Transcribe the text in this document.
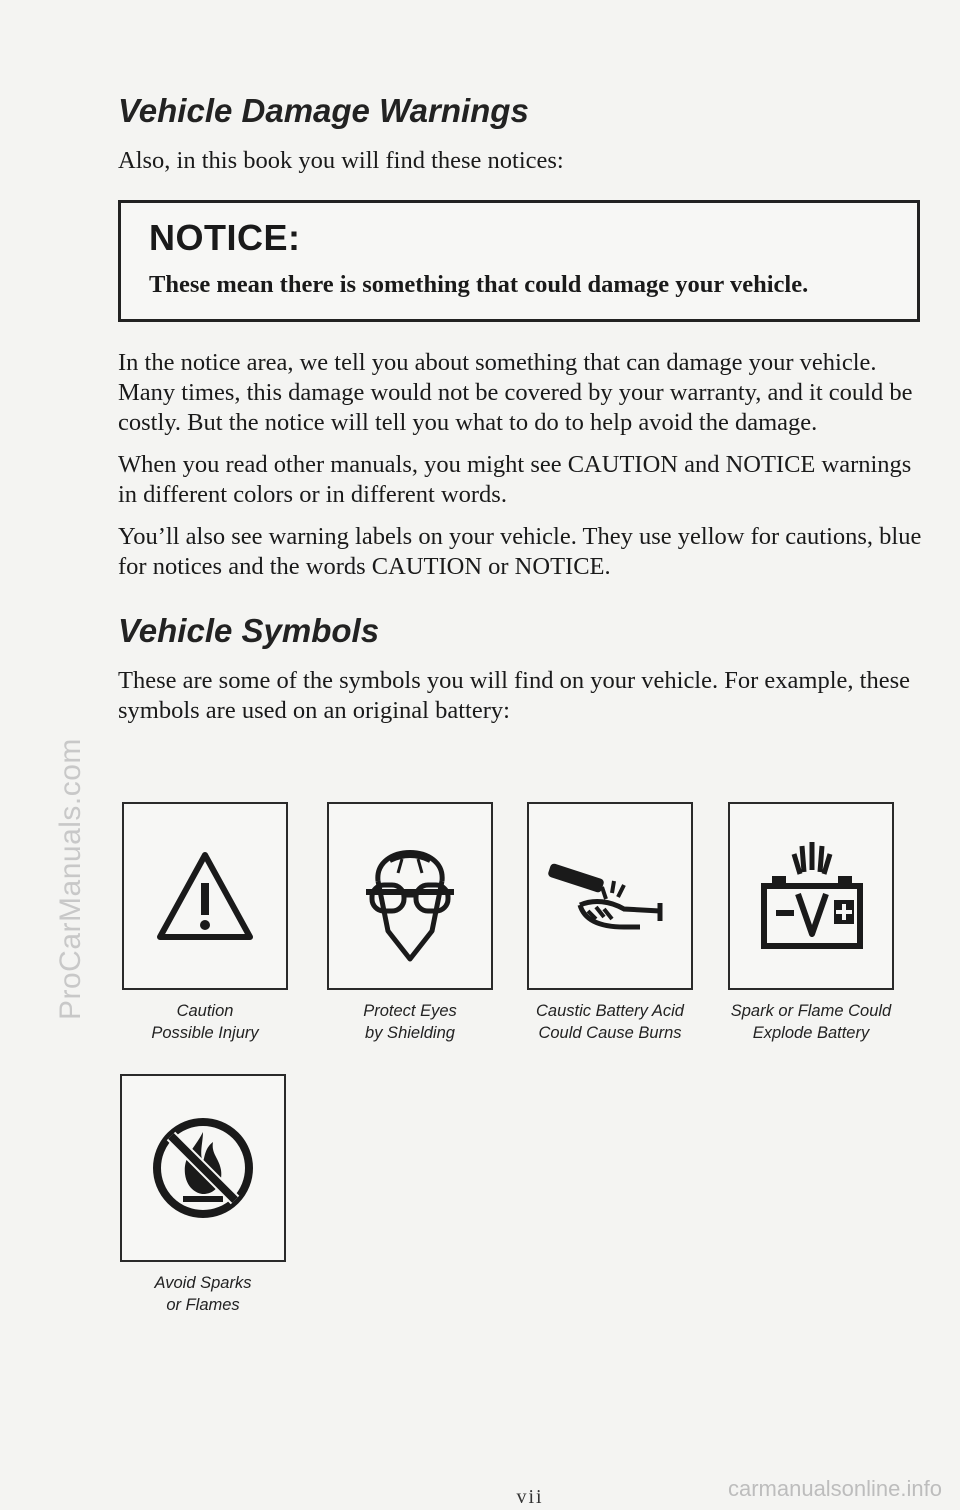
ProCarManuals.com
Vehicle Damage Warnings

Also, in this book you will find these notices:

NOTICE:
These mean there is something that could damage your vehicle.

In the notice area, we tell you about something that can damage your vehicle. Many times, this damage would not be covered by your warranty, and it could be costly. But the notice will tell you what to do to help avoid the damage.

When you read other manuals, you might see CAUTION and NOTICE warnings in different colors or in different words.

You’ll also see warning labels on your vehicle. They use yellow for cautions, blue for notices and the words CAUTION or NOTICE.

Vehicle Symbols

These are some of the symbols you will find on your vehicle. For example, these symbols are used on an original battery:

Caution
Possible Injury
Protect Eyes
by Shielding
Caustic Battery Acid
Could Cause Burns
Spark or Flame Could
Explode Battery
Avoid Sparks
or Flames
vii	carmanualsonline.info
